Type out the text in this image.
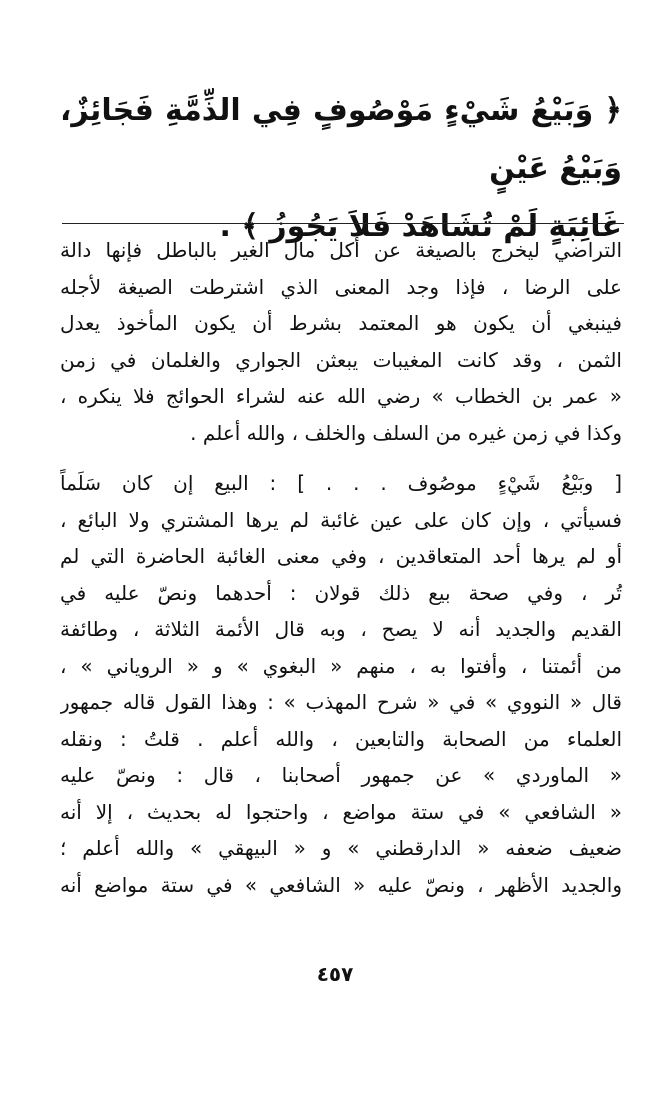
﴿ وَبَيْعُ شَيْءٍ مَوْصُوفٍ فِي الذِّمَّةِ فَجَائِزٌ، وَبَيْعُ عَيْنٍ

غَائِبَةٍ لَمْ تُشَاهَدْ فَلاَ يَجُوزُ ﴾ .

التراضي ليخرج بالصيغة عن أكل مال الغير بالباطل فإنها دالة
على الرضا ، فإذا وجد المعنى الذي اشترطت الصيغة لأجله
فينبغي أن يكون هو المعتمد بشرط أن يكون المأخوذ يعدل
الثمن ، وقد كانت المغيبات يبعثن الجواري والغلمان في زمن
« عمر بن الخطاب » رضي الله عنه لشراء الحوائج فلا ينكره ،
وكذا في زمن غيره من السلف والخلف ، والله أعلم .
[ وبَيْعُ شَيْءٍ موصُوف . . . ] : البيع إن كان سَلَماً
فسيأتي ، وإن كان على عين غائبة لم يرها المشتري ولا البائع ،
أو لم يرها أحد المتعاقدين ، وفي معنى الغائبة الحاضرة التي لم
تُر ، وفي صحة بيع ذلك قولان : أحدهما ونصّ عليه في
القديم والجديد أنه لا يصح ، وبه قال الأئمة الثلاثة ، وطائفة
من أئمتنا ، وأفتوا به ، منهم « البغوي » و « الروياني » ،
قال « النووي » في « شرح المهذب » : وهذا القول قاله جمهور
العلماء من الصحابة والتابعين ، والله أعلم . قلتُ : ونقله
« الماوردي » عن جمهور أصحابنا ، قال : ونصّ عليه
« الشافعي » في ستة مواضع ، واحتجوا له بحديث ، إلا أنه
ضعيف ضعفه « الدارقطني » و « البيهقي » والله أعلم ؛
والجديد الأظهر ، ونصّ عليه « الشافعي » في ستة مواضع أنه
٤٥٧
